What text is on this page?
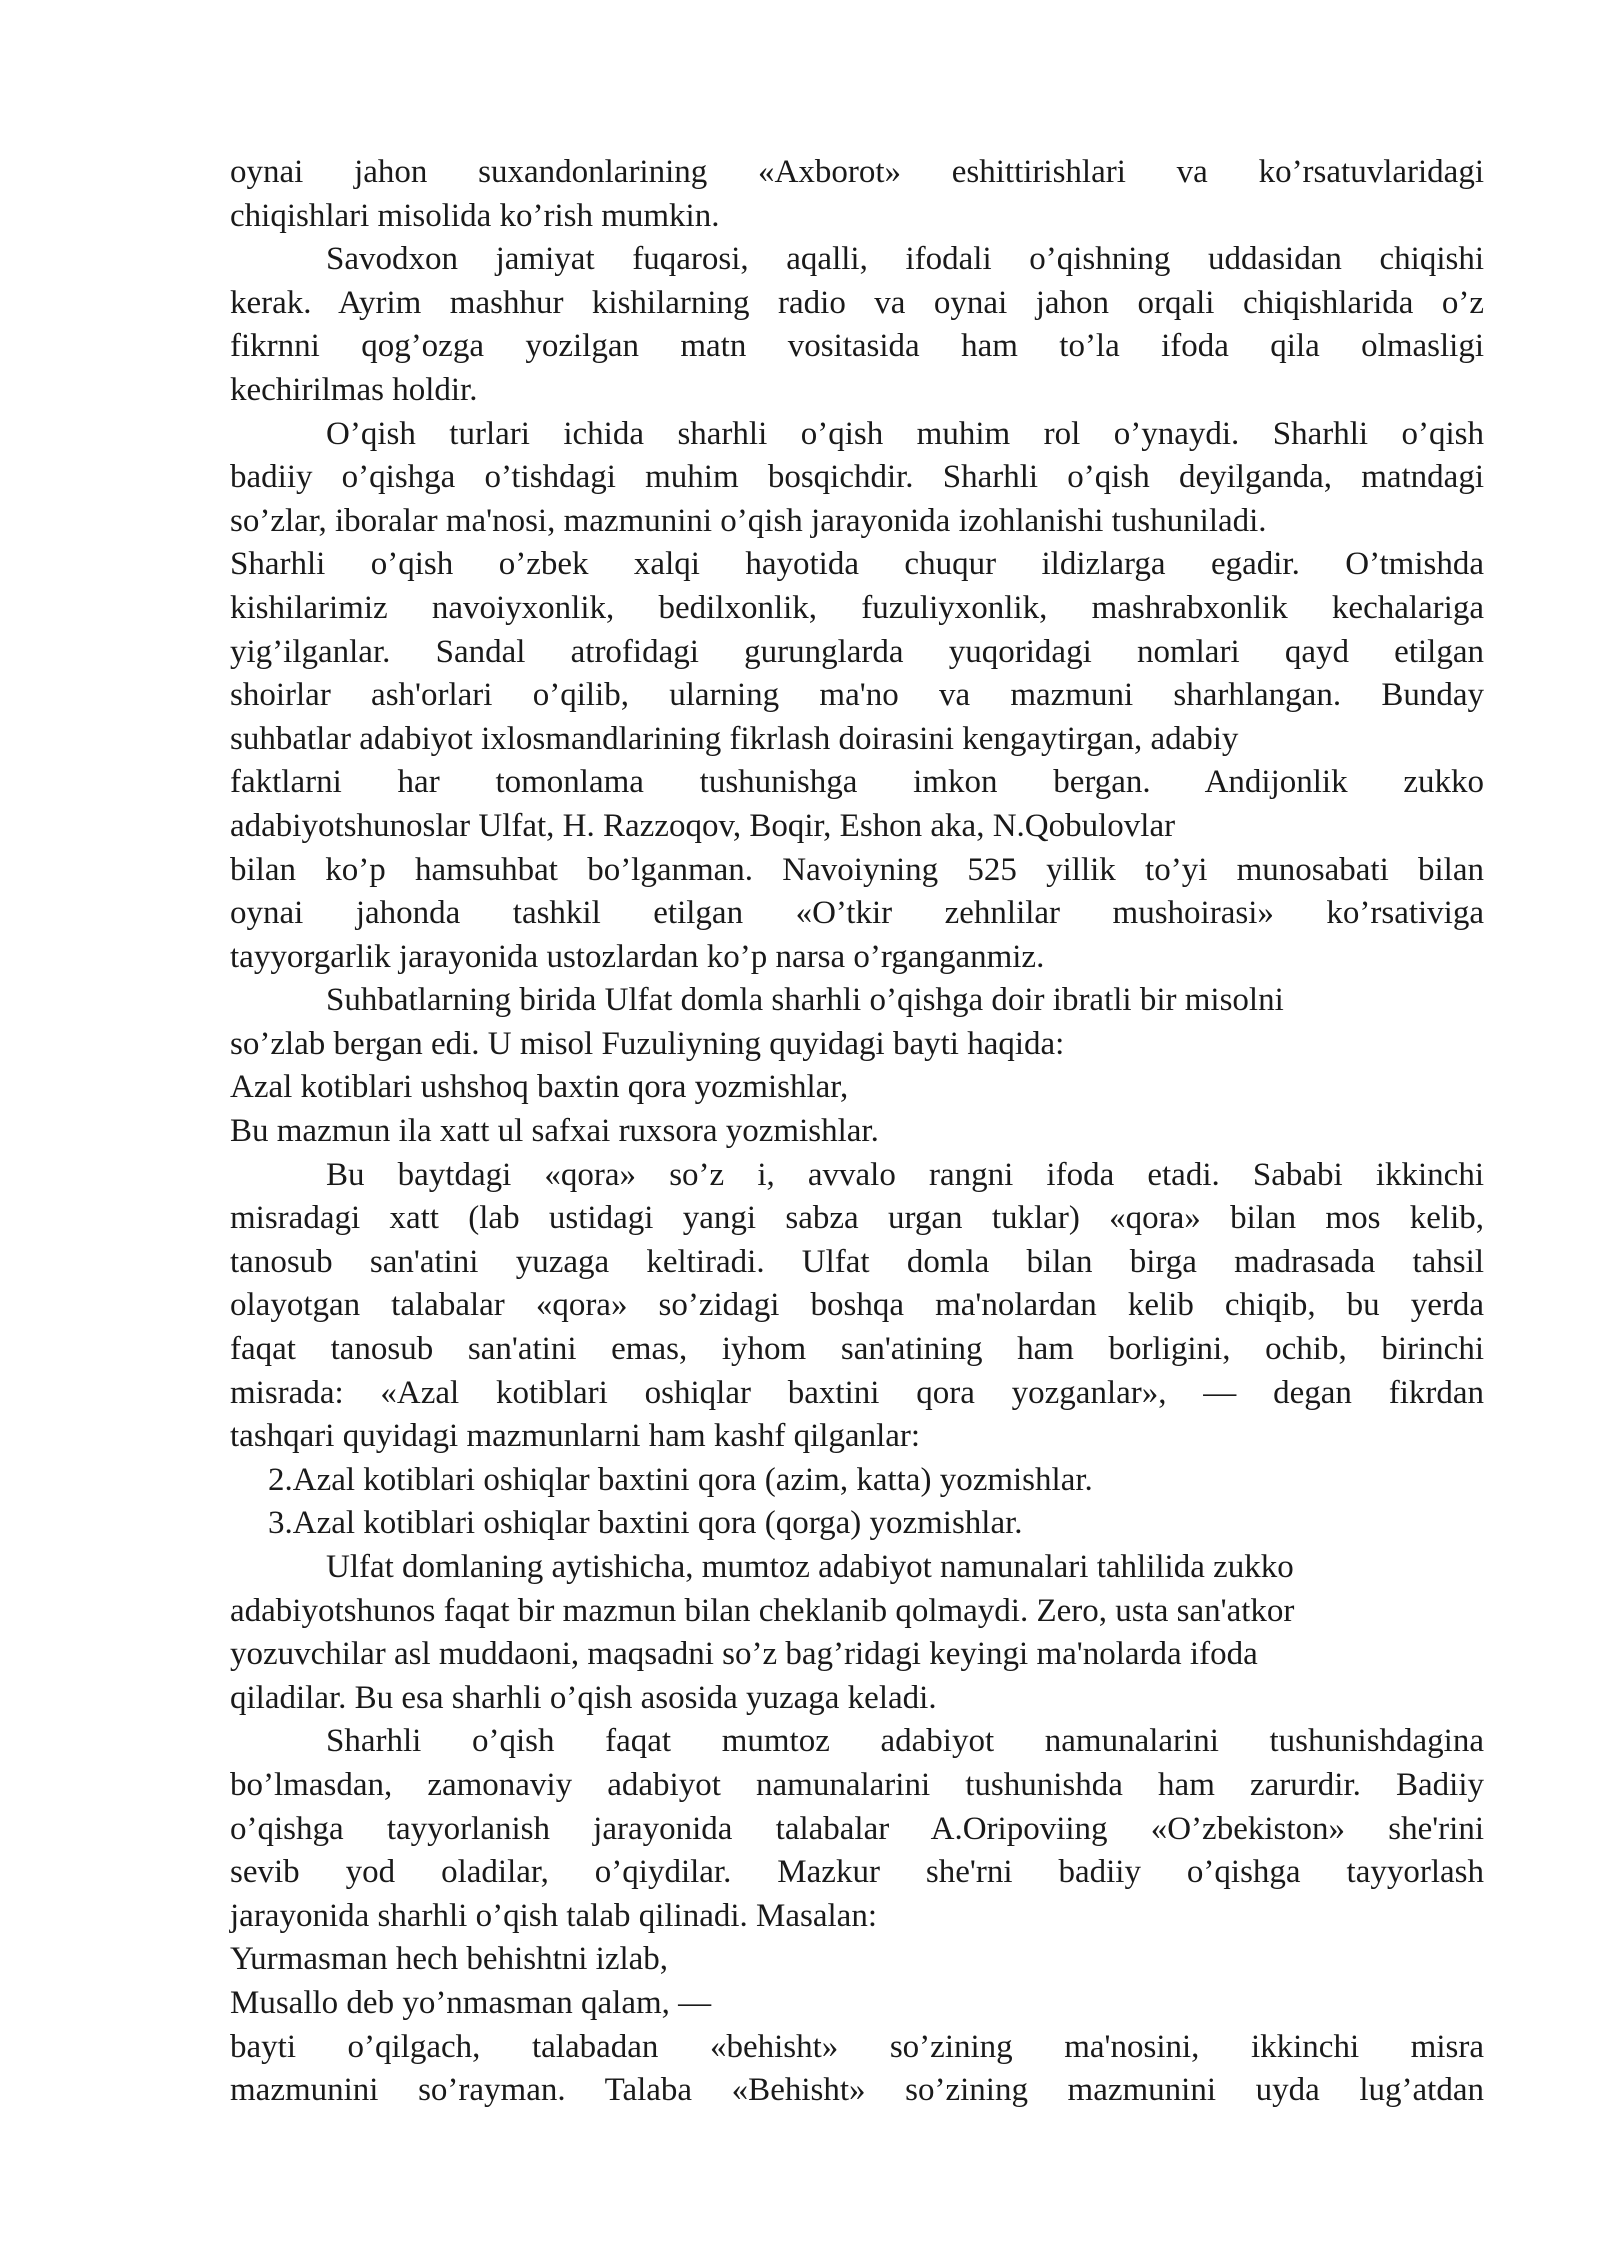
oynai jahon suxandonlarining «Axborot» eshittirishlari va ko’rsatuvlaridagi
chiqishlari misolida ko’rish mumkin.
Savodxon jamiyat fuqarosi, aqalli, ifodali o’qishning uddasidan chiqishi
kerak. Ayrim mashhur kishilarning radio va oynai jahon orqali chiqishlarida o’z
fikrnni qog’ozga yozilgan matn vositasida ham to’la ifoda qila olmasligi
kechirilmas holdir.
O’qish turlari ichida sharhli o’qish muhim rol o’ynaydi. Sharhli o’qish
badiiy o’qishga o’tishdagi muhim bosqichdir. Sharhli o’qish deyilganda, matndagi
so’zlar, iboralar ma'nosi, mazmunini o’qish jarayonida izohlanishi tushuniladi.
Sharhli o’qish o’zbek xalqi hayotida chuqur ildizlarga egadir. O’tmishda
kishilarimiz navoiyxonlik, bedilxonlik, fuzuliyxonlik, mashrabxonlik kechalariga
yig’ilganlar. Sandal atrofidagi gurunglarda yuqoridagi nomlari qayd etilgan
shoirlar ash'orlari o’qilib, ularning ma'no va mazmuni sharhlangan. Bunday
suhbatlar adabiyot ixlosmandlarining fikrlash doirasini kengaytirgan, adabiy
faktlarni har tomonlama tushunishga imkon bergan. Andijonlik zukko
adabiyotshunoslar Ulfat, H. Razzoqov, Boqir, Eshon aka, N.Qobulovlar
bilan ko’p hamsuhbat bo’lganman. Navoiyning 525 yillik to’yi munosabati bilan
oynai jahonda tashkil etilgan «O’tkir zehnlilar mushoirasi» ko’rsativiga
tayyorgarlik jarayonida ustozlardan ko’p narsa o’rganganmiz.
Suhbatlarning birida Ulfat domla sharhli o’qishga doir ibratli bir misolni
so’zlab bergan edi. U misol Fuzuliyning quyidagi bayti haqida:
Azal kotiblari ushshoq baxtin qora yozmishlar,
Bu mazmun ila xatt ul safxai ruxsora yozmishlar.
Bu baytdagi «qora» so’z i, avvalo rangni ifoda etadi. Sababi ikkinchi
misradagi xatt (lab ustidagi yangi sabza urgan tuklar) «qora» bilan mos kelib,
tanosub san'atini yuzaga keltiradi. Ulfat domla bilan birga madrasada tahsil
olayotgan talabalar «qora» so’zidagi boshqa ma'nolardan kelib chiqib, bu yerda
faqat tanosub san'atini emas, iyhom san'atining ham borligini, ochib, birinchi
misrada: «Azal kotiblari oshiqlar baxtini qora yozganlar», — degan fikrdan
tashqari quyidagi mazmunlarni ham kashf qilganlar:
2.Azal kotiblari oshiqlar baxtini qora (azim, katta) yozmishlar.
3.Azal kotiblari oshiqlar baxtini qora (qorga) yozmishlar.
Ulfat domlaning aytishicha, mumtoz adabiyot namunalari tahlilida zukko
adabiyotshunos faqat bir mazmun bilan cheklanib qolmaydi. Zero, usta san'atkor
yozuvchilar asl muddaoni, maqsadni so’z bag’ridagi keyingi ma'nolarda ifoda
qiladilar. Bu esa sharhli o’qish asosida yuzaga keladi.
Sharhli o’qish faqat mumtoz adabiyot namunalarini tushunishdagina
bo’lmasdan, zamonaviy adabiyot namunalarini tushunishda ham zarurdir. Badiiy
o’qishga tayyorlanish jarayonida talabalar A.Oripoviing «O’zbekiston» she'rini
sevib yod oladilar, o’qiydilar. Mazkur she'rni badiiy o’qishga tayyorlash
jarayonida sharhli o’qish talab qilinadi. Masalan:
Yurmasman hech behishtni izlab,
Musallo deb yo’nmasman qalam, —
bayti o’qilgach, talabadan «behisht» so’zining ma'nosini, ikkinchi misra
mazmunini so’rayman. Talaba «Behisht» so’zining mazmunini uyda lug’atdan
